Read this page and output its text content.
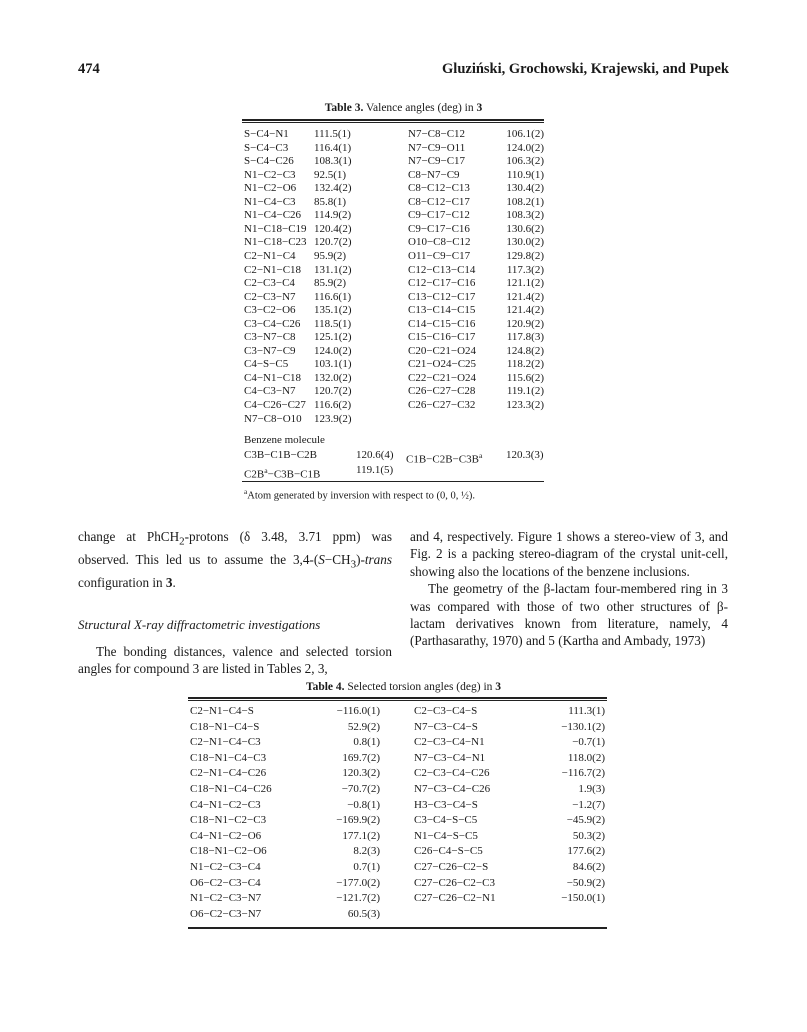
474	Gluziński, Grochowski, Krajewski, and Pupek
Table 3. Valence angles (deg) in 3
S−C4−N1 111.5(1)
S−C4−C3 116.4(1)
S−C4−C26 108.3(1)
N1−C2−C3 92.5(1)
N1−C2−O6 132.4(2)
N1−C4−C3 85.8(1)
N1−C4−C26 114.9(2)
N1−C18−C19 120.4(2)
N1−C18−C23 120.7(2)
C2−N1−C4 95.9(2)
C2−N1−C18 131.1(2)
C2−C3−C4 85.9(2)
C2−C3−N7 116.6(1)
C3−C2−O6 135.1(2)
C3−C4−C26 118.5(1)
C3−N7−C8 125.1(2)
C3−N7−C9 124.0(2)
C4−S−C5 103.1(1)
C4−N1−C18 132.0(2)
C4−C3−N7 120.7(2)
C4−C26−C27 116.6(2)
N7−C8−O10 123.9(2)
N7−C8−C12	106.1(2)
N7−C9−O11	124.0(2)
N7−C9−C17	106.3(2)
C8−N7−C9	110.9(1)
C8−C12−C13	130.4(2)
C8−C12−C17	108.2(1)
C9−C17−C12	108.3(2)
C9−C17−C16	130.6(2)
O10−C8−C12	130.0(2)
O11−C9−C17	129.8(2)
C12−C13−C14	117.3(2)
C12−C17−C16	121.1(2)
C13−C12−C17	121.4(2)
C13−C14−C15	121.4(2)
C14−C15−C16	120.9(2)
C15−C16−C17	117.8(3)
C20−C21−O24	124.8(2)
C21−O24−C25	118.2(2)
C22−C21−O24	115.6(2)
C26−C27−C28	119.1(2)
C26−C27−C32	123.3(2)
Benzene molecule
C3B−C1B−C2B	120.6(4) $C1B-C2B-C3B^a$ 120.3(3)
$C2B^a-C3B-C1B$	119.1(5)
$^a$Atom generated by inversion with respect to (0, 0, ½).

change at PhCH$_2$-protons (δ 3.48, 3.71 ppm) was observed. This led us to assume the $3,4-(S-CH_3)$-trans configuration in 3.

Structural X-ray diffractometric investigations

The bonding distances, valence and selected torsion angles for compound 3 are listed in Tables 2, 3,

and 4, respectively. Figure 1 shows a stereo-view of 3, and Fig. 2 is a packing stereo-diagram of the crystal unit-cell, showing also the locations of the benzene inclusions.

The geometry of the β-lactam four-membered ring in 3 was compared with those of two other structures of β-lactam derivatives known from literature, namely, 4 (Parthasarathy, 1970) and 5 (Kartha and Ambady, 1973)

Table 4. Selected torsion angles (deg) in 3
C2−N1−C4−S	−116.0(1)
C18−N1−C4−S	52.9(2)
C2−N1−C4−C3	0.8(1)
C18−N1−C4−C3	169.7(2)
C2−N1−C4−C26	120.3(2)
C18−N1−C4−C26	−70.7(2)
C4−N1−C2−C3	−0.8(1)
C18−N1−C2−C3	−169.9(2)
C4−N1−C2−O6	177.1(2)
C18−N1−C2−O6	8.2(3)
N1−C2−C3−C4	0.7(1)
O6−C2−C3−C4	−177.0(2)
N1−C2−C3−N7	−121.7(2)
O6−C2−C3−N7	60.5(3)
C2−C3−C4−S	111.3(1)
N7−C3−C4−S	−130.1(2)
C2−C3−C4−N1	−0.7(1)
N7−C3−C4−N1	118.0(2)
C2−C3−C4−C26	−116.7(2)
N7−C3−C4−C26	1.9(3)
H3−C3−C4−S	−1.2(7)
C3−C4−S−C5	−45.9(2)
N1−C4−S−C5	50.3(2)
C26−C4−S−C5	177.6(2)
C27−C26−C2−S	84.6(2)
C27−C26−C2−C3	−50.9(2)
C27−C26−C2−N1	−150.0(1)
